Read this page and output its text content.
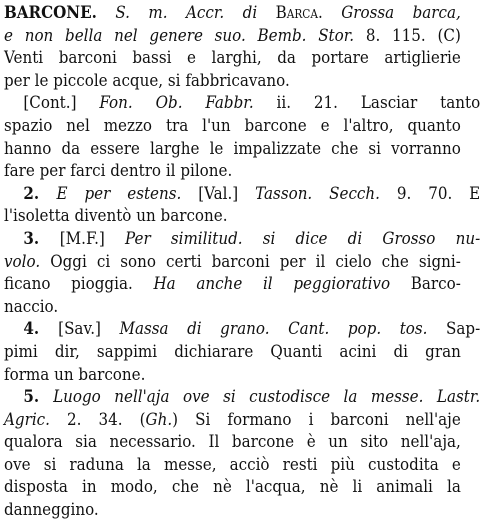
BARCONE. S. m. Accr. di Barca. Grossa barca,
e non bella nel genere suo. Bemb. Stor. 8. 115. (C)
Venti barconi bassi e larghi, da portare artiglierie
per le piccole acque, si fabbricavano.
[Cont.] Fon. Ob. Fabbr. ii. 21. Lasciar tanto
spazio nel mezzo tra l'un barcone e l'altro, quanto
hanno da essere larghe le impalizzate che si vorranno
fare per farci dentro il pilone.
2. E per estens. [Val.] Tasson. Secch. 9. 70. E
l'isoletta diventò un barcone.
3. [M.F.] Per similitud. si dice di Grosso nu-
volo. Oggi ci sono certi barconi per il cielo che signi-
ficano pioggia. Ha anche il peggiorativo Barco-
naccio.
4. [Sav.] Massa di grano. Cant. pop. tos. Sap-
pimi dir, sappimi dichiarare Quanti acini di gran
forma un barcone.
5. Luogo nell'aja ove si custodisce la messe. Lastr.
Agric. 2. 34. (Gh.) Si formano i barconi nell'aje
qualora sia necessario. Il barcone è un sito nell'aja,
ove si raduna la messe, acciò resti più custodita e
disposta in modo, che nè l'acqua, nè li animali la
danneggino.
